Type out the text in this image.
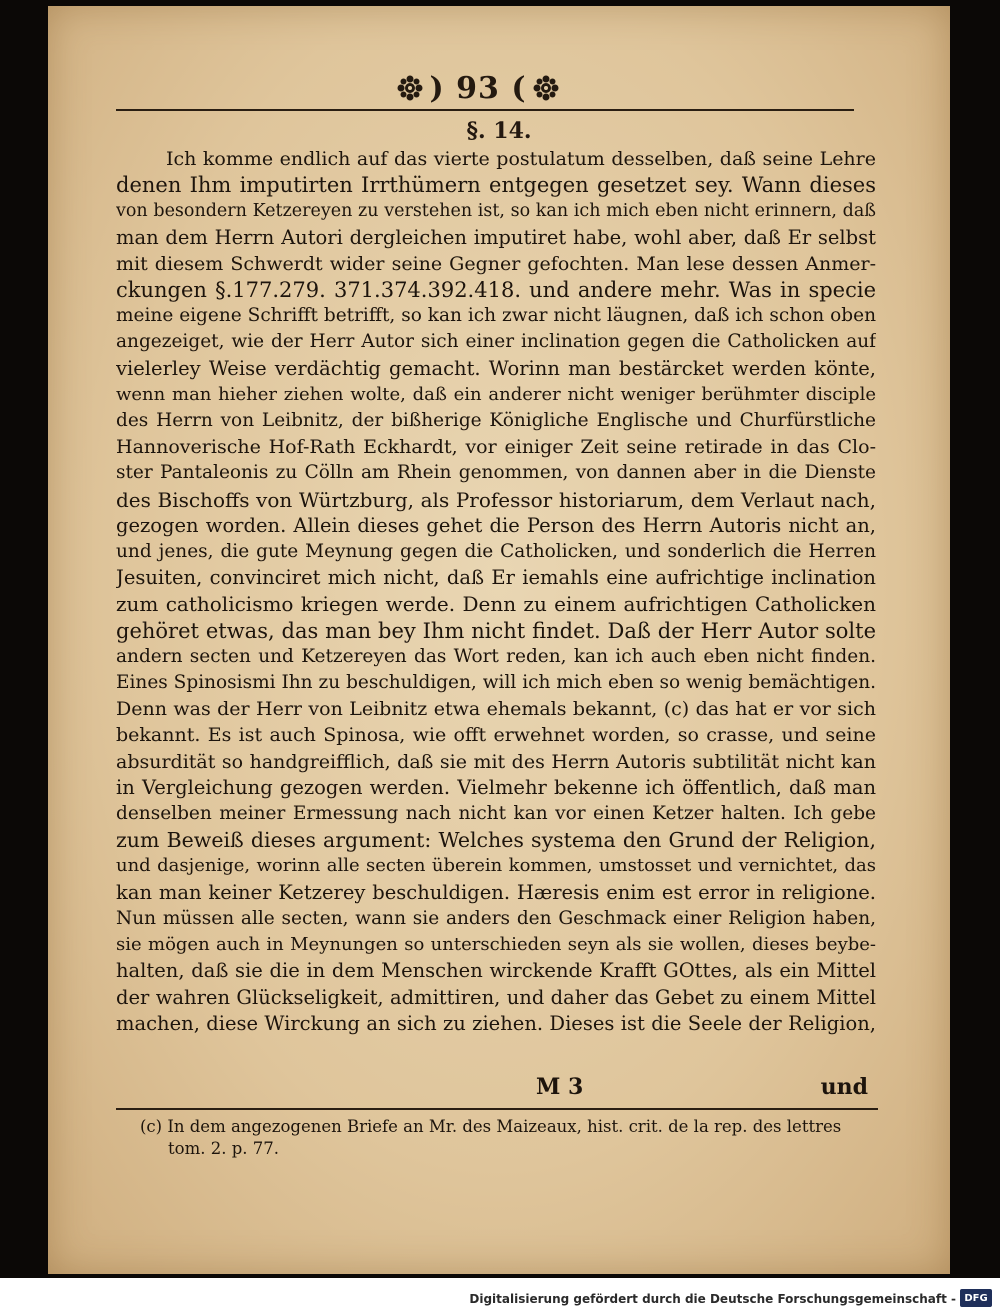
) 93 (
§. 14.
Ich komme endlich auf das vierte postulatum desselben, daß seine Lehre
denen Ihm imputirten Irrthümern entgegen gesetzet sey. Wann dieses
von besondern Ketzereyen zu verstehen ist, so kan ich mich eben nicht erinnern, daß
man dem Herrn Autori dergleichen imputiret habe, wohl aber, daß Er selbst
mit diesem Schwerdt wider seine Gegner gefochten. Man lese dessen Anmer-
ckungen §.177.279. 371.374.392.418. und andere mehr. Was in specie
meine eigene Schrifft betrifft, so kan ich zwar nicht läugnen, daß ich schon oben
angezeiget, wie der Herr Autor sich einer inclination gegen die Catholicken auf
vielerley Weise verdächtig gemacht. Worinn man bestärcket werden könte,
wenn man hieher ziehen wolte, daß ein anderer nicht weniger berühmter disciple
des Herrn von Leibnitz, der bißherige Königliche Englische und Churfürstliche
Hannoverische Hof-Rath Eckhardt, vor einiger Zeit seine retirade in das Clo-
ster Pantaleonis zu Cölln am Rhein genommen, von dannen aber in die Dienste
des Bischoffs von Würtzburg, als Professor historiarum, dem Verlaut nach,
gezogen worden. Allein dieses gehet die Person des Herrn Autoris nicht an,
und jenes, die gute Meynung gegen die Catholicken, und sonderlich die Herren
Jesuiten, convinciret mich nicht, daß Er iemahls eine aufrichtige inclination
zum catholicismo kriegen werde. Denn zu einem aufrichtigen Catholicken
gehöret etwas, das man bey Ihm nicht findet. Daß der Herr Autor solte
andern secten und Ketzereyen das Wort reden, kan ich auch eben nicht finden.
Eines Spinosismi Ihn zu beschuldigen, will ich mich eben so wenig bemächtigen.
Denn was der Herr von Leibnitz etwa ehemals bekannt, (c) das hat er vor sich
bekannt. Es ist auch Spinosa, wie offt erwehnet worden, so crasse, und seine
absurdität so handgreifflich, daß sie mit des Herrn Autoris subtilität nicht kan
in Vergleichung gezogen werden. Vielmehr bekenne ich öffentlich, daß man
denselben meiner Ermessung nach nicht kan vor einen Ketzer halten. Ich gebe
zum Beweiß dieses argument: Welches systema den Grund der Religion,
und dasjenige, worinn alle secten überein kommen, umstosset und vernichtet, das
kan man keiner Ketzerey beschuldigen. Hæresis enim est error in religione.
Nun müssen alle secten, wann sie anders den Geschmack einer Religion haben,
sie mögen auch in Meynungen so unterschieden seyn als sie wollen, dieses beybe-
halten, daß sie die in dem Menschen wirckende Krafft GOttes, als ein Mittel
der wahren Glückseligkeit, admittiren, und daher das Gebet zu einem Mittel
machen, diese Wirckung an sich zu ziehen. Dieses ist die Seele der Religion,
M 3	und
(c) In dem angezogenen Briefe an Mr. des Maizeaux, hist. crit. de la rep. des lettres
tom. 2. p. 77.
Digitalisierung gefördert durch die Deutsche Forschungsgemeinschaft - DFG
